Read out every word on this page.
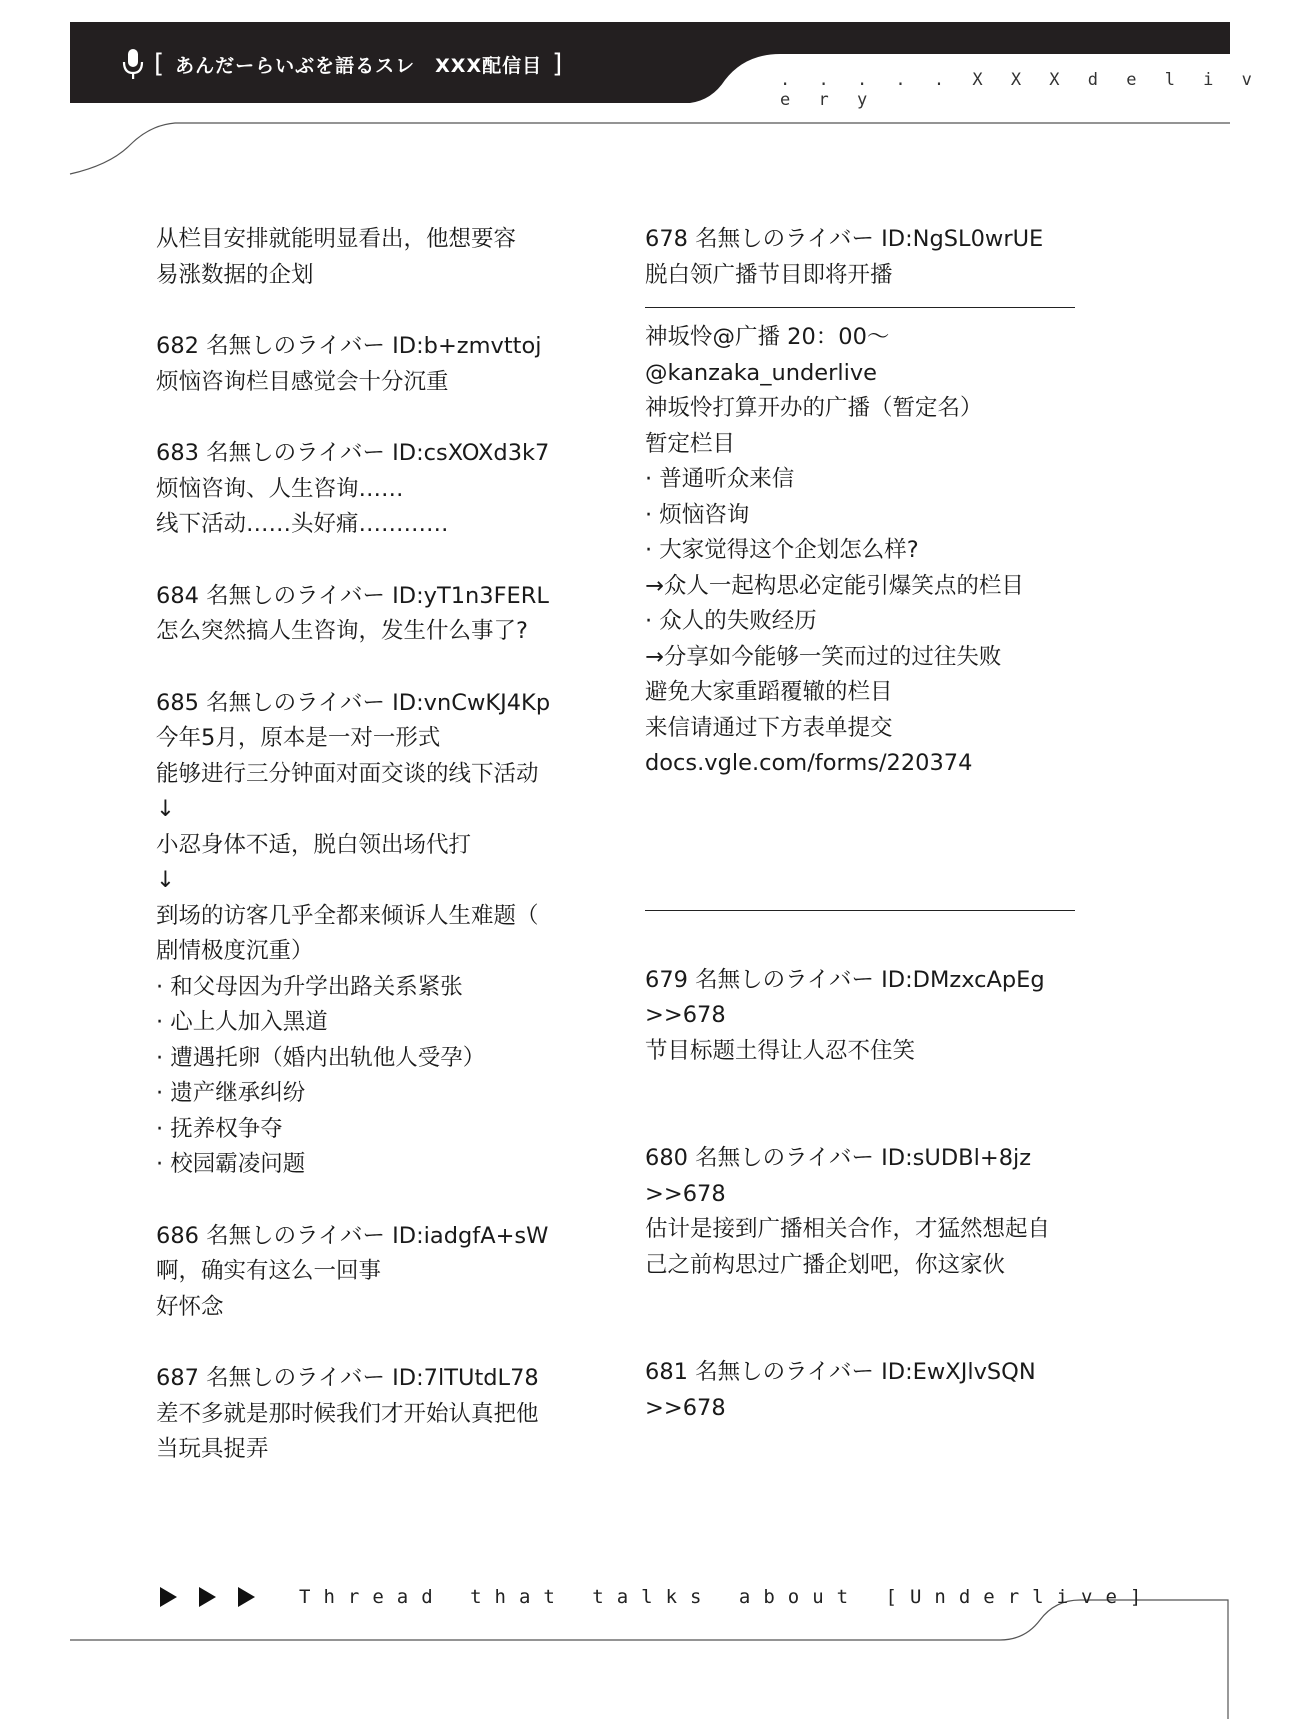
[ あんだーらいぶを語るスレ　XXX配信目 ]
. . . . . X X X d e l i v e r y
从栏目安排就能明显看出，他想要容
易涨数据的企划
682 名無しのライバー ID:b+zmvttoj
烦恼咨询栏目感觉会十分沉重
683 名無しのライバー ID:csXOXd3k7
烦恼咨询、人生咨询……
线下活动……头好痛…………
684 名無しのライバー ID:yT1n3FERL
怎么突然搞人生咨询，发生什么事了?
685 名無しのライバー ID:vnCwKJ4Kp
今年5月，原本是一对一形式
能够进行三分钟面对面交谈的线下活动
↓
小忍身体不适，脱白领出场代打
↓
到场的访客几乎全都来倾诉人生难题（
剧情极度沉重）
· 和父母因为升学出路关系紧张
· 心上人加入黑道
· 遭遇托卵（婚内出轨他人受孕）
· 遗产继承纠纷
· 抚养权争夺
· 校园霸凌问题
686 名無しのライバー ID:iadgfA+sW
啊，确实有这么一回事
好怀念
687 名無しのライバー ID:7lTUtdL78
差不多就是那时候我们才开始认真把他
当玩具捉弄
678 名無しのライバー ID:NgSL0wrUE
脱白领广播节目即将开播
神坂怜@广播 20：00～
@kanzaka_underlive
神坂怜打算开办的广播（暂定名）
暂定栏目
· 普通听众来信
· 烦恼咨询
· 大家觉得这个企划怎么样?
→众人一起构思必定能引爆笑点的栏目
· 众人的失败经历
→分享如今能够一笑而过的过往失败
避免大家重蹈覆辙的栏目
来信请通过下方表单提交
docs.vgle.com/forms/220374
679 名無しのライバー ID:DMzxcApEg
>>678
节目标题土得让人忍不住笑
680 名無しのライバー ID:sUDBl+8jz
>>678
估计是接到广播相关合作，才猛然想起自
己之前构思过广播企划吧，你这家伙
681 名無しのライバー ID:EwXJlvSQN
>>678
Thread that talks about [Underlive]
